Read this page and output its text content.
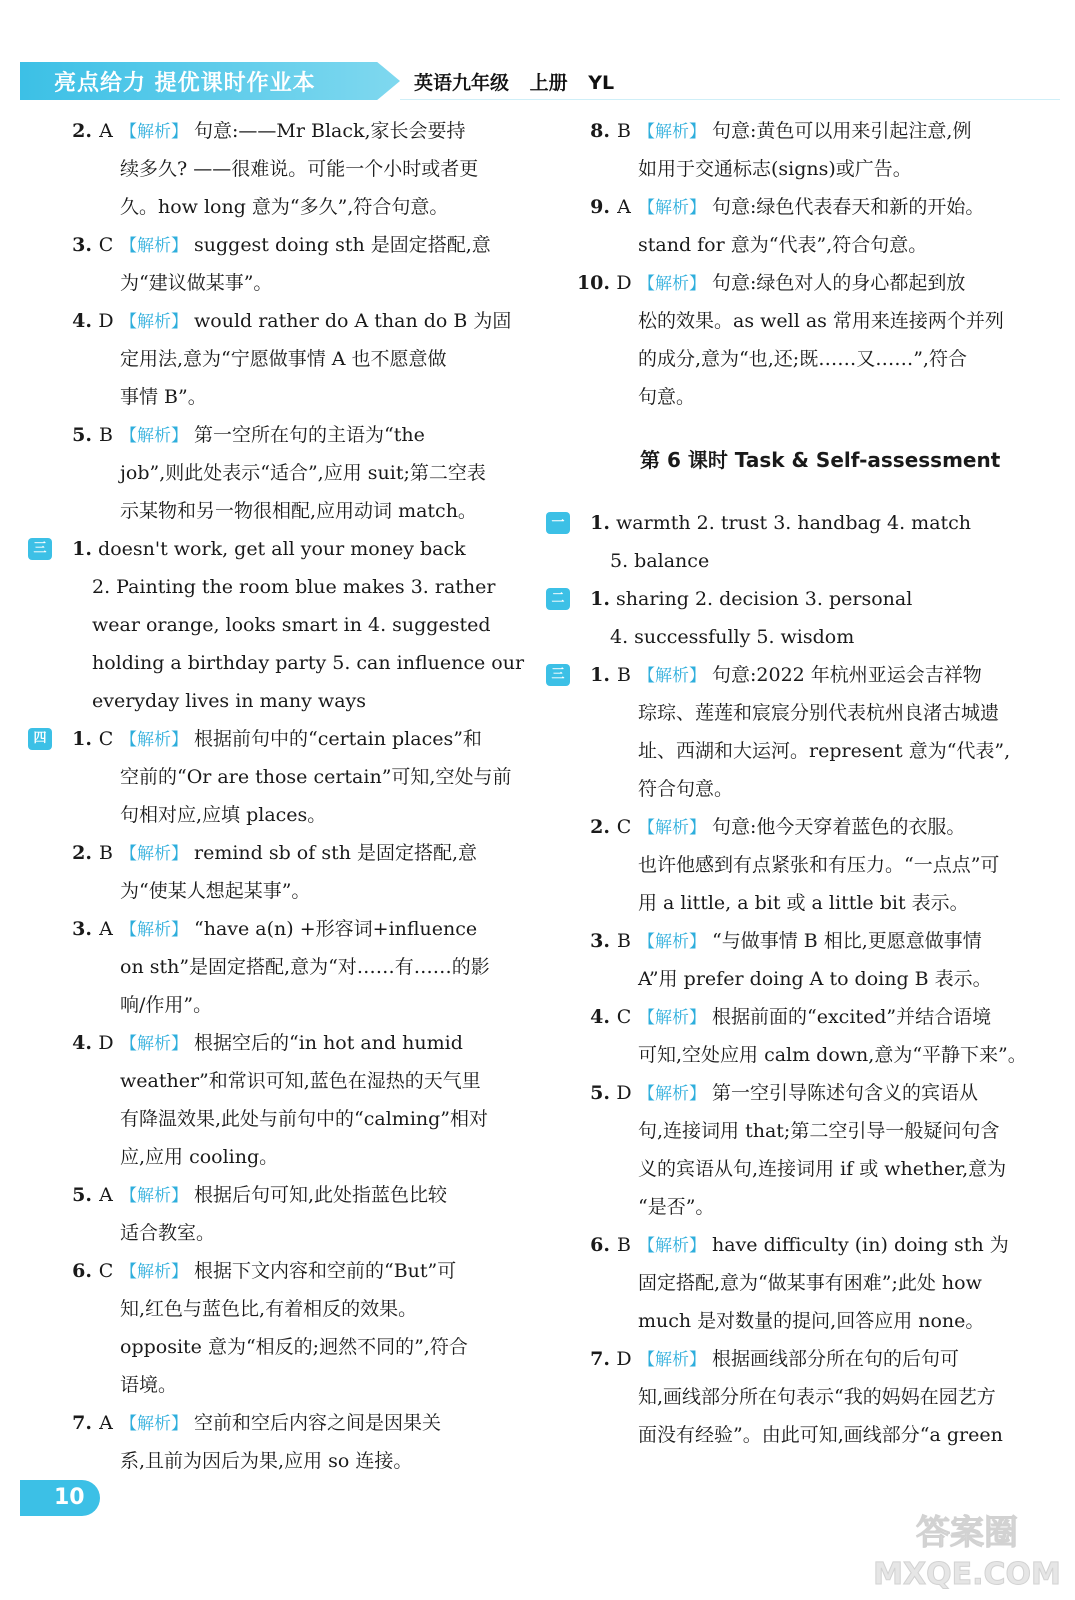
亮点给力 提优课时作业本	英语九年级 上册 YL
2. A 【解析】 句意:——Mr Black,家长会要持
续多久? ——很难说。可能一个小时或者更
久。how long 意为“多久”,符合句意。
3. C 【解析】 suggest doing sth 是固定搭配,意
为“建议做某事”。
4. D 【解析】 would rather do A than do B 为固
定用法,意为“宁愿做事情 A 也不愿意做
事情 B”。
5. B 【解析】 第一空所在句的主语为“the
job”,则此处表示“适合”,应用 suit;第二空表
示某物和另一物很相配,应用动词 match。
三 1. doesn't work, get all your money back
2. Painting the room blue makes 3. rather
wear orange, looks smart in 4. suggested
holding a birthday party 5. can influence our
everyday lives in many ways
四 1. C 【解析】 根据前句中的“certain places”和
空前的“Or are those certain”可知,空处与前
句相对应,应填 places。
2. B 【解析】 remind sb of sth 是固定搭配,意
为“使某人想起某事”。
3. A 【解析】 “have a(n) +形容词+influence
on sth”是固定搭配,意为“对……有……的影
响/作用”。
4. D 【解析】 根据空后的“in hot and humid
weather”和常识可知,蓝色在湿热的天气里
有降温效果,此处与前句中的“calming”相对
应,应用 cooling。
5. A 【解析】 根据后句可知,此处指蓝色比较
适合教室。
6. C 【解析】 根据下文内容和空前的“But”可
知,红色与蓝色比,有着相反的效果。
opposite 意为“相反的;迥然不同的”,符合
语境。
7. A 【解析】 空前和空后内容之间是因果关
系,且前为因后为果,应用 so 连接。
8. B 【解析】 句意:黄色可以用来引起注意,例
如用于交通标志(signs)或广告。
9. A 【解析】 句意:绿色代表春天和新的开始。
stand for 意为“代表”,符合句意。
10. D 【解析】 句意:绿色对人的身心都起到放
松的效果。as well as 常用来连接两个并列
的成分,意为“也,还;既……又……”,符合
句意。
第 6 课时 Task & Self-assessment
一 1. warmth 2. trust 3. handbag 4. match
5. balance
二 1. sharing 2. decision 3. personal
4. successfully 5. wisdom
三 1. B 【解析】 句意:2022 年杭州亚运会吉祥物
琮琮、莲莲和宸宸分别代表杭州良渚古城遗
址、西湖和大运河。represent 意为“代表”,
符合句意。
2. C 【解析】 句意:他今天穿着蓝色的衣服。
也许他感到有点紧张和有压力。“一点点”可
用 a little, a bit 或 a little bit 表示。
3. B 【解析】 “与做事情 B 相比,更愿意做事情
A”用 prefer doing A to doing B 表示。
4. C 【解析】 根据前面的“excited”并结合语境
可知,空处应用 calm down,意为“平静下来”。
5. D 【解析】 第一空引导陈述句含义的宾语从
句,连接词用 that;第二空引导一般疑问句含
义的宾语从句,连接词用 if 或 whether,意为
“是否”。
6. B 【解析】 have difficulty (in) doing sth 为
固定搭配,意为“做某事有困难”;此处 how
much 是对数量的提问,回答应用 none。
7. D 【解析】 根据画线部分所在句的后句可
知,画线部分所在句表示“我的妈妈在园艺方
面没有经验”。由此可知,画线部分“a green
10
答案圈
MXQE.COM
